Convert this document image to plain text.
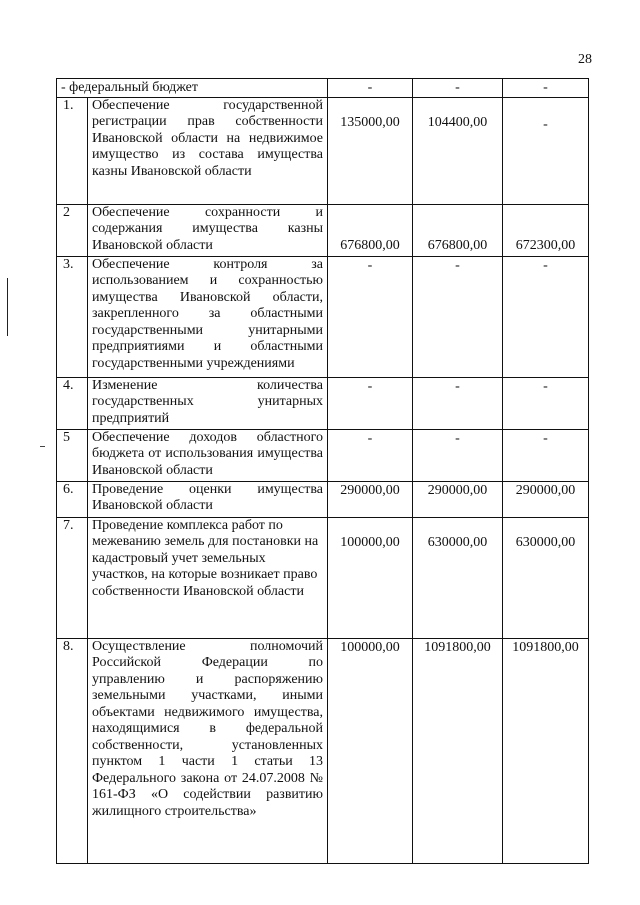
28
- федеральный бюджет		-	-	-
1.	Обеспечение государственной регистрации прав собственности Ивановской области на недвижимое имущество из состава имущества казны Ивановской области	135000,00	104400,00	-
2	Обеспечение сохранности и содержания имущества казны Ивановской области	676800,00	676800,00	672300,00
3.	Обеспечение контроля за использованием и сохранностью имущества Ивановской области, закрепленного за областными государственными унитарными предприятиями и областными государственными учреждениями	-	-	-
4.	Изменение количества государственных унитарных предприятий	-	-	-
5	Обеспечение доходов областного бюджета от использования имущества Ивановской области	-	-	-
6.	Проведение оценки имущества Ивановской области	290000,00	290000,00	290000,00
7.	Проведение комплекса работ по межеванию земель для постановки на кадастровый учет земельных участков, на которые возникает право собственности Ивановской области	100000,00	630000,00	630000,00
8.	Осуществление полномочий Российской Федерации по управлению и распоряжению земельными участками, иными объектами недвижимого имущества, находящимися в федеральной собственности, установленных пунктом 1 части 1 статьи 13 Федерального закона от 24.07.2008 № 161-ФЗ «О содействии развитию жилищного строительства»	100000,00	1091800,00	1091800,00
